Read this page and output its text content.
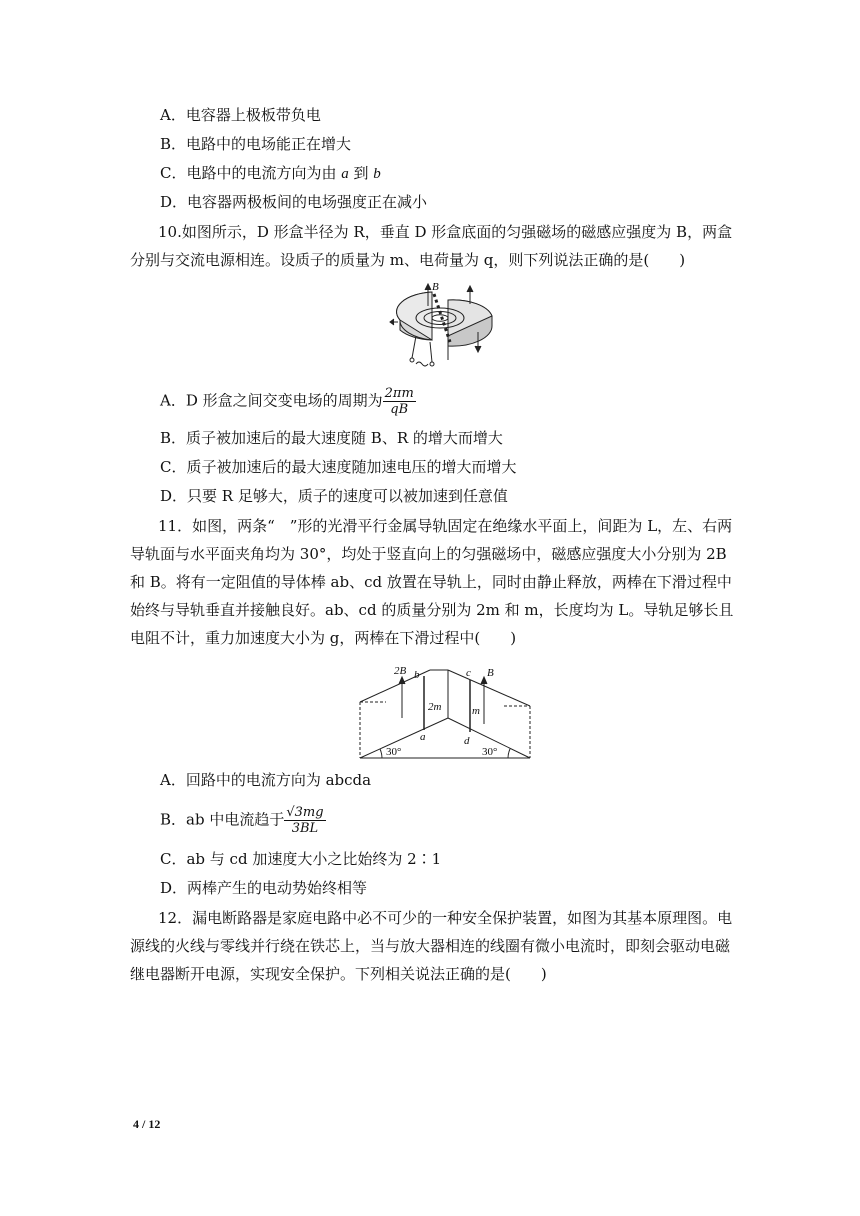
A．电容器上极板带负电
B．电路中的电场能正在增大
C．电路中的电流方向为由 a 到 b
D．电容器两极板间的电场强度正在减小
10.如图所示，D 形盒半径为 R，垂直 D 形盒底面的匀强磁场的磁感应强度为 B，两盒分别与交流电源相连。设质子的质量为 m、电荷量为 q，则下列说法正确的是(　　)
B
A．D 形盒之间交变电场的周期为 $\frac{2\pi m}{qB}$
B．质子被加速后的最大速度随 B、R 的增大而增大
C．质子被加速后的最大速度随加速电压的增大而增大
D．只要 R 足够大，质子的速度可以被加速到任意值
11．如图，两条“　”形的光滑平行金属导轨固定在绝缘水平面上，间距为 L，左、右两导轨面与水平面夹角均为 30°，均处于竖直向上的匀强磁场中，磁感应强度大小分别为 2B 和 B。将有一定阻值的导体棒 ab、cd 放置在导轨上，同时由静止释放，两棒在下滑过程中始终与导轨垂直并接触良好。ab、cd 的质量分别为 2m 和 m，长度均为 L。导轨足够长且电阻不计，重力加速度大小为 g，两棒在下滑过程中(　　)
2B b	c B
2m	m
a	d
30°	30°
A．回路中的电流方向为 abcda
B．ab 中电流趋于 $\frac{√3mg}{3BL}$
C．ab 与 cd 加速度大小之比始终为 2∶1
D．两棒产生的电动势始终相等
12．漏电断路器是家庭电路中必不可少的一种安全保护装置，如图为其基本原理图。电源线的火线与零线并行绕在铁芯上，当与放大器相连的线圈有微小电流时，即刻会驱动电磁继电器断开电源，实现安全保护。下列相关说法正确的是(　　)
4 / 12
